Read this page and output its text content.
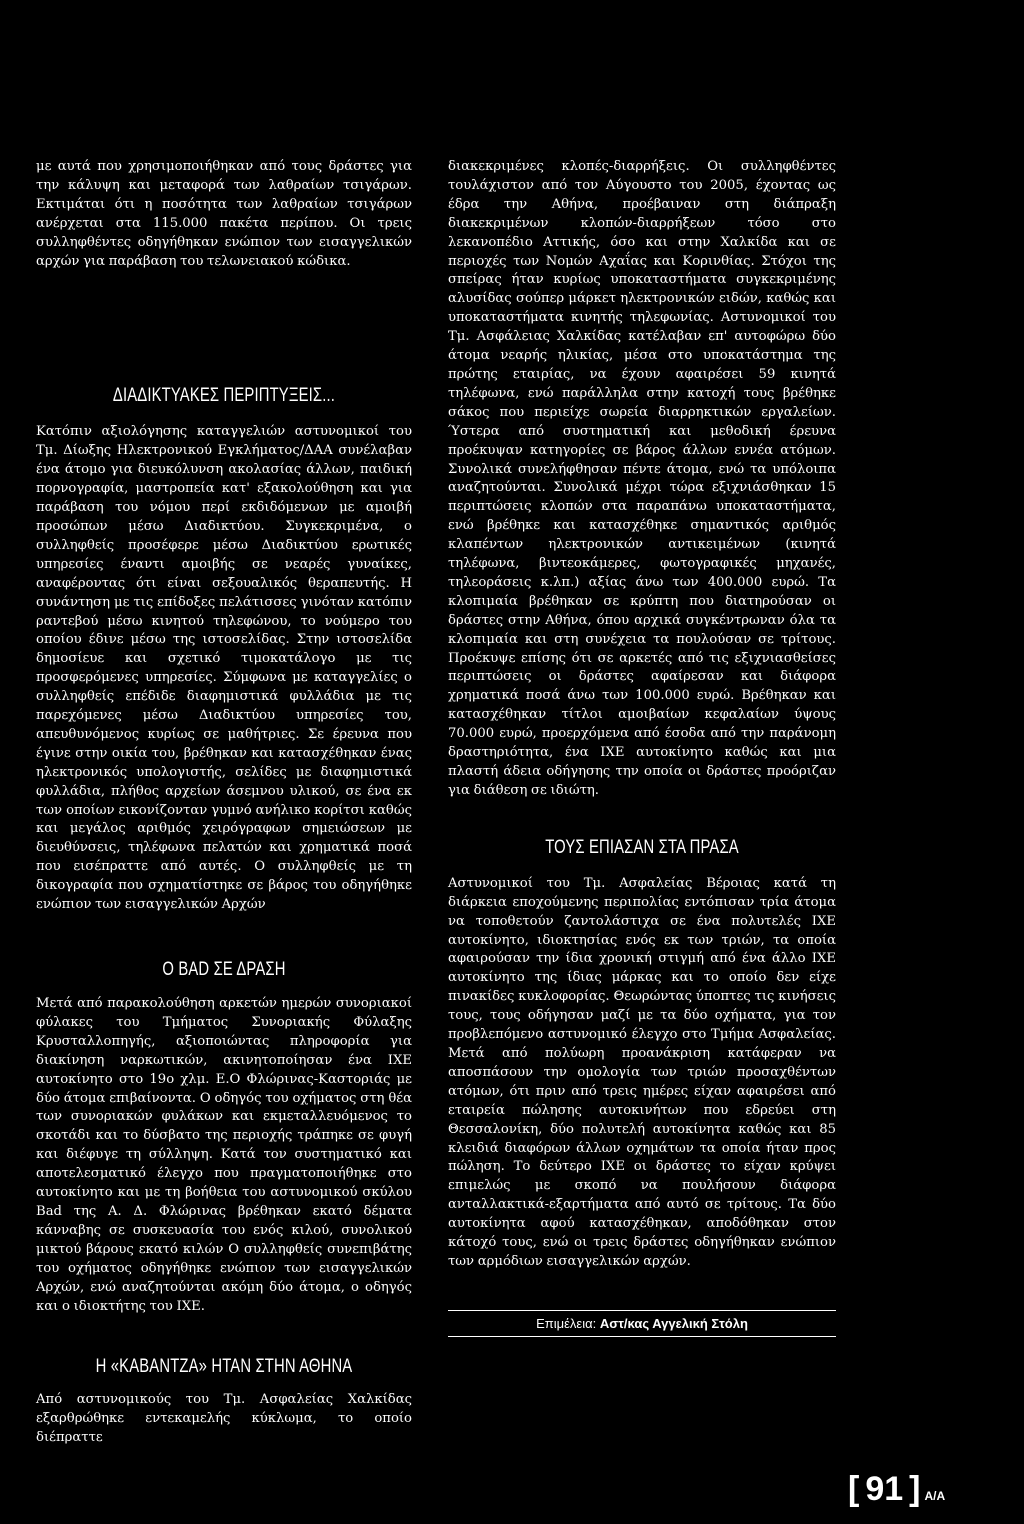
με αυτά που χρησιμοποιήθηκαν από τους δράστες για την κάλυψη και μεταφορά των λαθραίων τσιγάρων. Εκτιμάται ότι η ποσότητα των λαθραίων τσιγάρων ανέρχεται στα 115.000 πακέτα περίπου. Οι τρεις συλληφθέντες οδηγήθηκαν ενώπιον των εισαγγελικών αρχών για παράβαση του τελωνειακού κώδικα.

ΔΙΑΔΙΚΤΥΑΚΕΣ ΠΕΡΙΠΤΥΞΕΙΣ...

Κατόπιν αξιολόγησης καταγγελιών αστυνομικοί του Τμ. Δίωξης Ηλεκτρονικού Εγκλήματος/ΔΑΑ συνέλαβαν ένα άτομο για διευκόλυνση ακολασίας άλλων, παιδική πορνογραφία, μαστροπεία κατ' εξακολούθηση και για παράβαση του νόμου περί εκδιδόμενων με αμοιβή προσώπων μέσω Διαδικτύου. Συγκεκριμένα, ο συλληφθείς προσέφερε μέσω Διαδικτύου ερωτικές υπηρεσίες έναντι αμοιβής σε νεαρές γυναίκες, αναφέροντας ότι είναι σεξουαλικός θεραπευτής. Η συνάντηση με τις επίδοξες πελάτισσες γινόταν κατόπιν ραντεβού μέσω κινητού τηλεφώνου, το νούμερο του οποίου έδινε μέσω της ιστοσελίδας. Στην ιστοσελίδα δημοσίευε και σχετικό τιμοκατάλογο με τις προσφερόμενες υπηρεσίες. Σύμφωνα με καταγγελίες ο συλληφθείς επέδιδε διαφημιστικά φυλλάδια με τις παρεχόμενες μέσω Διαδικτύου υπηρεσίες του, απευθυνόμενος κυρίως σε μαθήτριες. Σε έρευνα που έγινε στην οικία του, βρέθηκαν και κατασχέθηκαν ένας ηλεκτρονικός υπολογιστής, σελίδες με διαφημιστικά φυλλάδια, πλήθος αρχείων άσεμνου υλικού, σε ένα εκ των οποίων εικονίζονταν γυμνό ανήλικο κορίτσι καθώς και μεγάλος αριθμός χειρόγραφων σημειώσεων με διευθύνσεις, τηλέφωνα πελατών και χρηματικά ποσά που εισέπραττε από αυτές. Ο συλληφθείς με τη δικογραφία που σχηματίστηκε σε βάρος του οδηγήθηκε ενώπιον των εισαγγελικών Αρχών

Ο BAD ΣΕ ΔΡΑΣΗ

Μετά από παρακολούθηση αρκετών ημερών συνοριακοί φύλακες του Τμήματος Συνοριακής Φύλαξης Κρυσταλλοπηγής, αξιοποιώντας πληροφορία για διακίνηση ναρκωτικών, ακινητοποίησαν ένα ΙΧΕ αυτοκίνητο στο 19ο χλμ. Ε.Ο Φλώρινας-Καστοριάς με δύο άτομα επιβαίνοντα. Ο οδηγός του οχήματος στη θέα των συνοριακών φυλάκων και εκμεταλλευόμενος το σκοτάδι και το δύσβατο της περιοχής τράπηκε σε φυγή και διέφυγε τη σύλληψη. Κατά τον συστηματικό και αποτελεσματικό έλεγχο που πραγματοποιήθηκε στο αυτοκίνητο και με τη βοήθεια του αστυνομικού σκύλου Bad της Α. Δ. Φλώρινας βρέθηκαν εκατό δέματα κάνναβης σε συσκευασία του ενός κιλού, συνολικού μικτού βάρους εκατό κιλών Ο συλληφθείς συνεπιβάτης του οχήματος οδηγήθηκε ενώπιον των εισαγγελικών Αρχών, ενώ αναζητούνται ακόμη δύο άτομα, ο οδηγός και ο ιδιοκτήτης του ΙΧΕ.

Η «ΚΑΒΑΝΤΖΑ» ΗΤΑΝ ΣΤΗΝ ΑΘΗΝΑ

Από αστυνομικούς του Τμ. Ασφαλείας Χαλκίδας εξαρθρώθηκε εντεκαμελής κύκλωμα, το οποίο διέπραττε

διακεκριμένες κλοπές-διαρρήξεις. Οι συλληφθέντες τουλάχιστον από τον Αύγουστο του 2005, έχοντας ως έδρα την Αθήνα, προέβαιναν στη διάπραξη διακεκριμένων κλοπών-διαρρήξεων τόσο στο λεκανοπέδιο Αττικής, όσο και στην Χαλκίδα και σε περιοχές των Νομών Αχαΐας και Κορινθίας. Στόχοι της σπείρας ήταν κυρίως υποκαταστήματα συγκεκριμένης αλυσίδας σούπερ μάρκετ ηλεκτρονικών ειδών, καθώς και υποκαταστήματα κινητής τηλεφωνίας. Αστυνομικοί του Τμ. Ασφάλειας Χαλκίδας κατέλαβαν επ' αυτοφώρω δύο άτομα νεαρής ηλικίας, μέσα στο υποκατάστημα της πρώτης εταιρίας, να έχουν αφαιρέσει 59 κινητά τηλέφωνα, ενώ παράλληλα στην κατοχή τους βρέθηκε σάκος που περιείχε σωρεία διαρρηκτικών εργαλείων. Ύστερα από συστηματική και μεθοδική έρευνα προέκυψαν κατηγορίες σε βάρος άλλων εννέα ατόμων. Συνολικά συνελήφθησαν πέντε άτομα, ενώ τα υπόλοιπα αναζητούνται. Συνολικά μέχρι τώρα εξιχνιάσθηκαν 15 περιπτώσεις κλοπών στα παραπάνω υποκαταστήματα, ενώ βρέθηκε και κατασχέθηκε σημαντικός αριθμός κλαπέντων ηλεκτρονικών αντικειμένων (κινητά τηλέφωνα, βιντεοκάμερες, φωτογραφικές μηχανές, τηλεοράσεις κ.λπ.) αξίας άνω των 400.000 ευρώ. Τα κλοπιμαία βρέθηκαν σε κρύπτη που διατηρούσαν οι δράστες στην Αθήνα, όπου αρχικά συγκέντρωναν όλα τα κλοπιμαία και στη συνέχεια τα πουλούσαν σε τρίτους. Προέκυψε επίσης ότι σε αρκετές από τις εξιχνιασθείσες περιπτώσεις οι δράστες αφαίρεσαν και διάφορα χρηματικά ποσά άνω των 100.000 ευρώ. Βρέθηκαν και κατασχέθηκαν τίτλοι αμοιβαίων κεφαλαίων ύψους 70.000 ευρώ, προερχόμενα από έσοδα από την παράνομη δραστηριότητα, ένα ΙΧΕ αυτοκίνητο καθώς και μια πλαστή άδεια οδήγησης την οποία οι δράστες προόριζαν για διάθεση σε ιδιώτη.

ΤΟΥΣ ΕΠΙΑΣΑΝ ΣΤΑ ΠΡΑΣΑ

Αστυνομικοί του Τμ. Ασφαλείας Βέροιας κατά τη διάρκεια εποχούμενης περιπολίας εντόπισαν τρία άτομα να τοποθετούν ζαντολάστιχα σε ένα πολυτελές ΙΧΕ αυτοκίνητο, ιδιοκτησίας ενός εκ των τριών, τα οποία αφαιρούσαν την ίδια χρονική στιγμή από ένα άλλο ΙΧΕ αυτοκίνητο της ίδιας μάρκας και το οποίο δεν είχε πινακίδες κυκλοφορίας. Θεωρώντας ύποπτες τις κινήσεις τους, τους οδήγησαν μαζί με τα δύο οχήματα, για τον προβλεπόμενο αστυνομικό έλεγχο στο Τμήμα Ασφαλείας. Μετά από πολύωρη προανάκριση κατάφεραν να αποσπάσουν την ομολογία των τριών προσαχθέντων ατόμων, ότι πριν από τρεις ημέρες είχαν αφαιρέσει από εταιρεία πώλησης αυτοκινήτων που εδρεύει στη Θεσσαλονίκη, δύο πολυτελή αυτοκίνητα καθώς και 85 κλειδιά διαφόρων άλλων οχημάτων τα οποία ήταν προς πώληση. Το δεύτερο ΙΧΕ οι δράστες το είχαν κρύψει επιμελώς με σκοπό να πουλήσουν διάφορα ανταλλακτικά-εξαρτήματα από αυτό σε τρίτους. Τα δύο αυτοκίνητα αφού κατασχέθηκαν, αποδόθηκαν στον κάτοχό τους, ενώ οι τρεις δράστες οδηγήθηκαν ενώπιον των αρμόδιων εισαγγελικών αρχών.

Επιμέλεια: Αστ/κας Αγγελική Στόλη
[ 91 ] Α/Α
